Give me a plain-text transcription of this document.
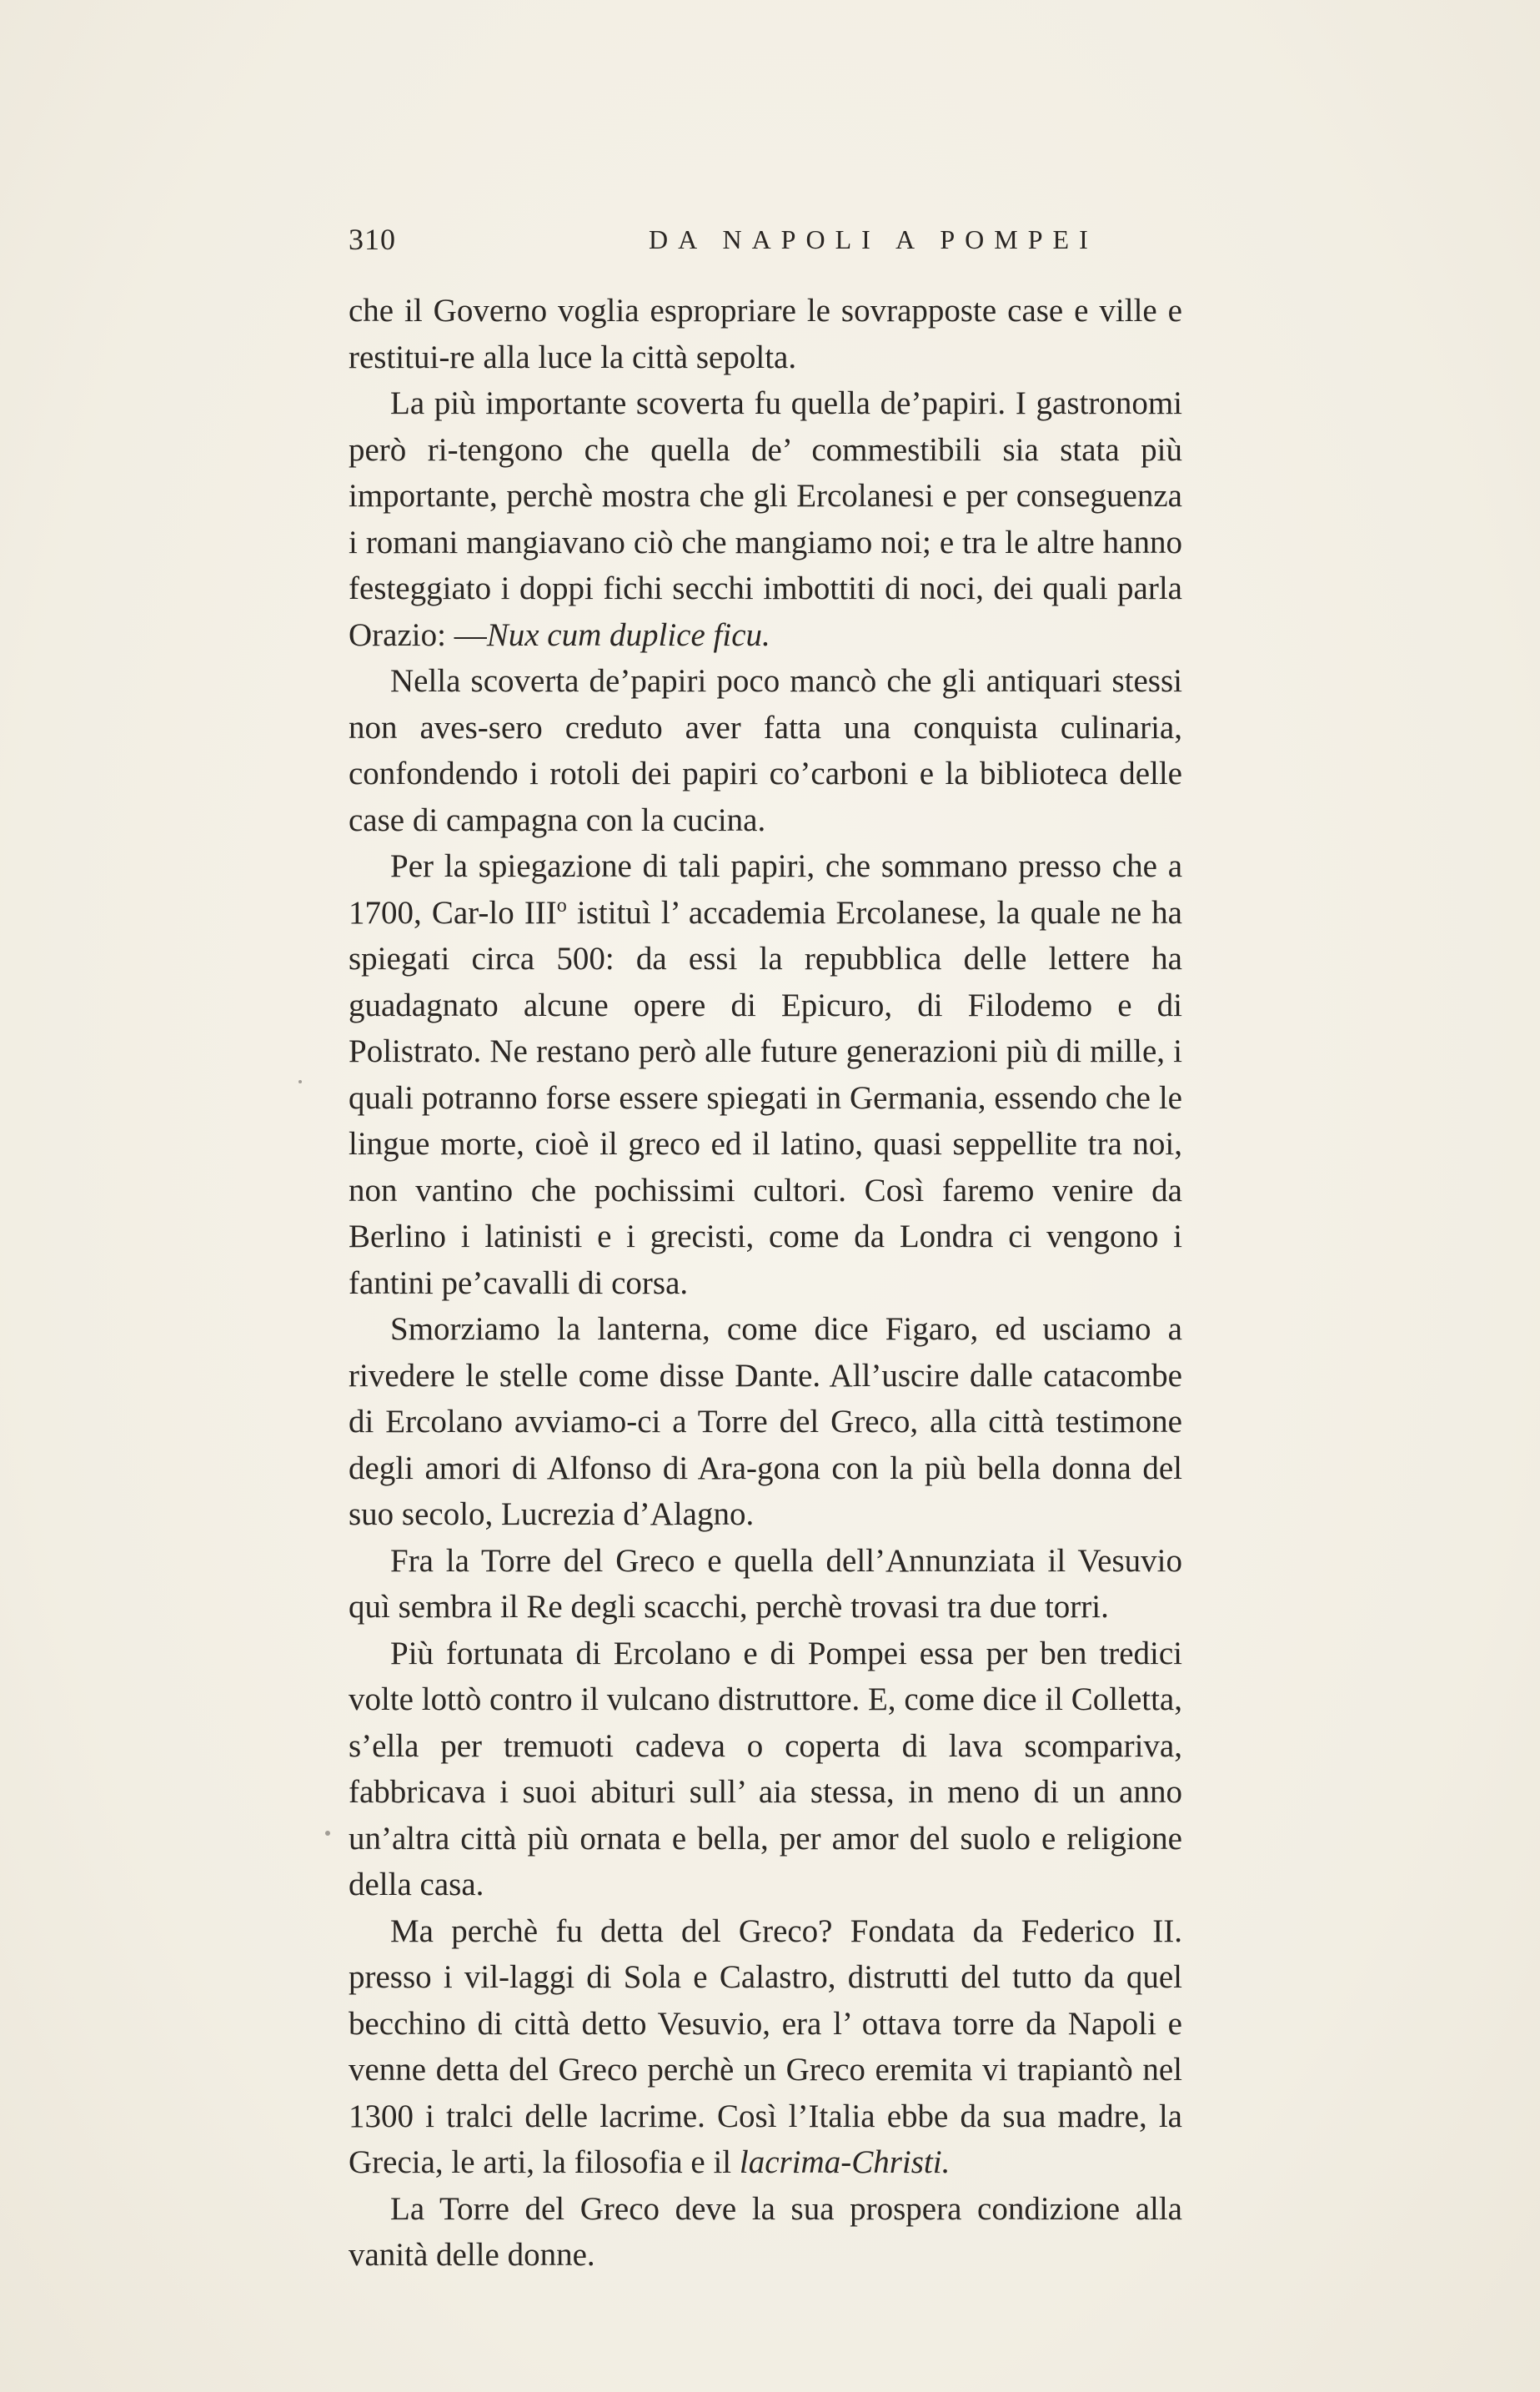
310	DA NAPOLI A POMPEI

che il Governo voglia espropriare le sovrapposte case e ville e restitui-re alla luce la città sepolta.

La più importante scoverta fu quella de’papiri. I gastronomi però ri-tengono che quella de’ commestibili sia stata più importante, perchè mostra che gli Ercolanesi e per conseguenza i romani mangiavano ciò che mangiamo noi; e tra le altre hanno festeggiato i doppi fichi secchi imbottiti di noci, dei quali parla Orazio: —Nux cum duplice ficu.

Nella scoverta de’papiri poco mancò che gli antiquari stessi non aves-sero creduto aver fatta una conquista culinaria, confondendo i rotoli dei papiri co’carboni e la biblioteca delle case di campagna con la cucina.

Per la spiegazione di tali papiri, che sommano presso che a 1700, Car-lo III$^o$ istituì l’ accademia Ercolanese, la quale ne ha spiegati circa 500: da essi la repubblica delle lettere ha guadagnato alcune opere di Epicuro, di Filodemo e di Polistrato. Ne restano però alle future generazioni più di mille, i quali potranno forse essere spiegati in Germania, essendo che le lingue morte, cioè il greco ed il latino, quasi seppellite tra noi, non vantino che pochissimi cultori. Così faremo venire da Berlino i latinisti e i grecisti, come da Londra ci vengono i fantini pe’cavalli di corsa.

Smorziamo la lanterna, come dice Figaro, ed usciamo a rivedere le stelle come disse Dante. All’uscire dalle catacombe di Ercolano avviamo-ci a Torre del Greco, alla città testimone degli amori di Alfonso di Ara-gona con la più bella donna del suo secolo, Lucrezia d’Alagno.

Fra la Torre del Greco e quella dell’Annunziata il Vesuvio quì sembra il Re degli scacchi, perchè trovasi tra due torri.

Più fortunata di Ercolano e di Pompei essa per ben tredici volte lottò contro il vulcano distruttore. E, come dice il Colletta, s’ella per tremuoti cadeva o coperta di lava scompariva, fabbricava i suoi abituri sull’ aia stessa, in meno di un anno un’altra città più ornata e bella, per amor del suolo e religione della casa.

Ma perchè fu detta del Greco? Fondata da Federico II. presso i vil-laggi di Sola e Calastro, distrutti del tutto da quel becchino di città detto Vesuvio, era l’ ottava torre da Napoli e venne detta del Greco perchè un Greco eremita vi trapiantò nel 1300 i tralci delle lacrime. Così l’Italia ebbe da sua madre, la Grecia, le arti, la filosofia e il lacrima-Christi.

La Torre del Greco deve la sua prospera condizione alla vanità delle donne.
